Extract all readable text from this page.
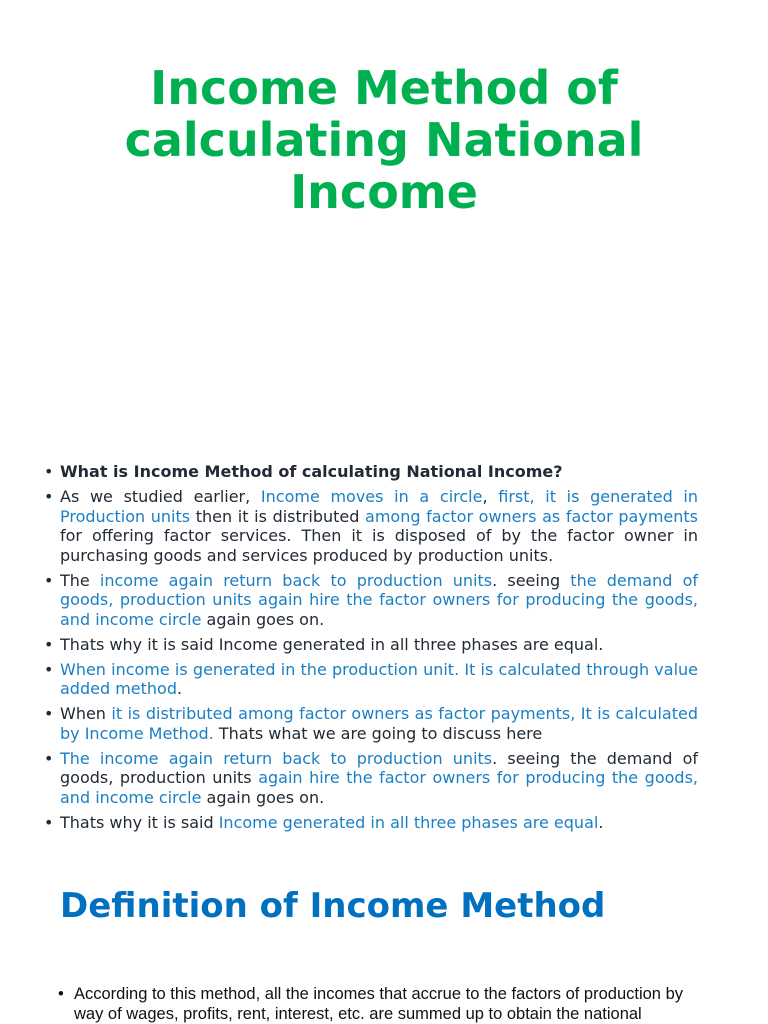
Income Method of calculating National Income
• What is Income Method of calculating National Income?
• As we studied earlier, Income moves in a circle, first, it is generated in Production units then it is distributed among factor owners as factor payments for offering factor services. Then it is disposed of by the factor owner in purchasing goods and services produced by production units.
• The income again return back to production units. seeing the demand of goods, production units again hire the factor owners for producing the goods, and income circle again goes on.
• Thats why it is said Income generated in all three phases are equal.
• When income is generated in the production unit. It is calculated through value added method.
• When it is distributed among factor owners as factor payments, It is calculated by Income Method. Thats what we are going to discuss here
• The income again return back to production units. seeing the demand of goods, production units again hire the factor owners for producing the goods, and income circle again goes on.
• Thats why it is said Income generated in all three phases are equal.
Definition of Income Method
• According to this method, all the incomes that accrue to the factors of production by way of wages, profits, rent, interest, etc. are summed up to obtain the national
